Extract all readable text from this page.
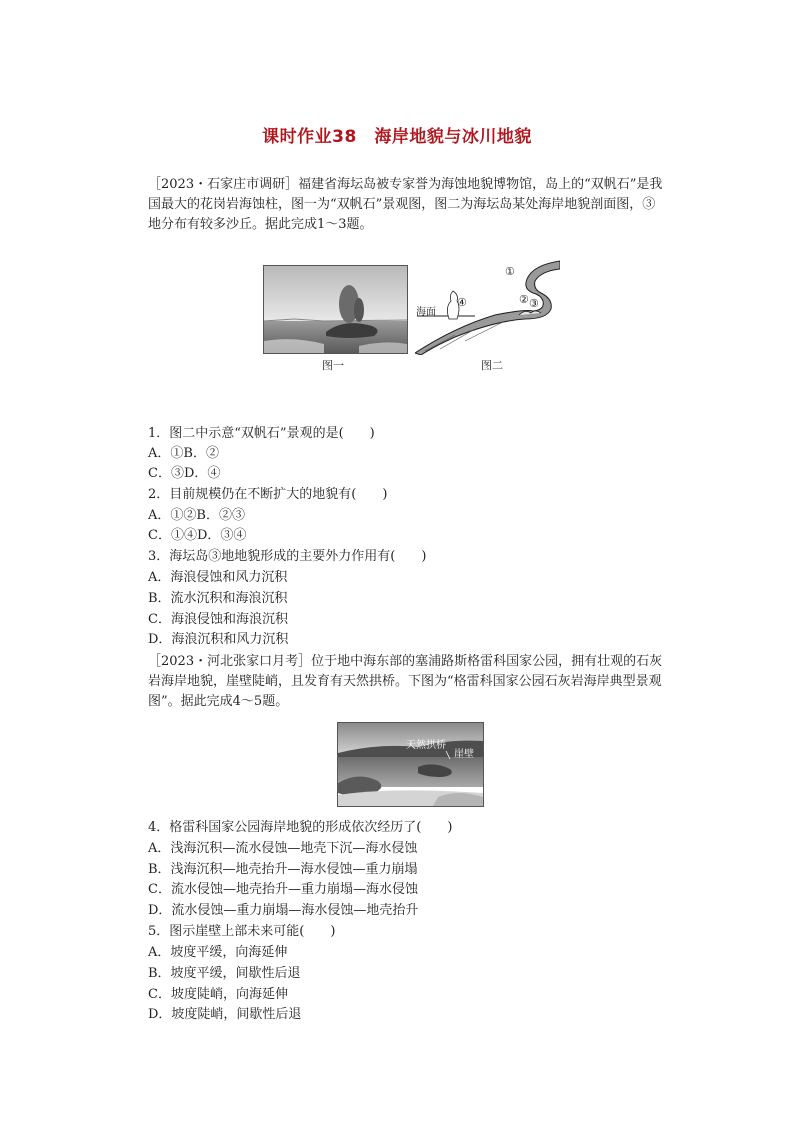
课时作业38　海岸地貌与冰川地貌
［2023・石家庄市调研］福建省海坛岛被专家誉为海蚀地貌博物馆，岛上的“双帆石”是我国最大的花岗岩海蚀柱，图一为“双帆石”景观图，图二为海坛岛某处海岸地貌剖面图，③地分布有较多沙丘。据此完成1～3题。
海面
①
② ③
④
图一	图二
1．图二中示意“双帆石”景观的是(　　)
A．①B．②
C．③D．④
2．目前规模仍在不断扩大的地貌有(　　)
A．①②B．②③
C．①④D．③④
3．海坛岛③地地貌形成的主要外力作用有(　　)
A．海浪侵蚀和风力沉积
B．流水沉积和海浪沉积
C．海浪侵蚀和海浪沉积
D．海浪沉积和风力沉积
［2023・河北张家口月考］位于地中海东部的塞浦路斯格雷科国家公园，拥有壮观的石灰岩海岸地貌，崖壁陡峭，且发育有天然拱桥。下图为“格雷科国家公园石灰岩海岸典型景观图”。据此完成4～5题。
天然拱桥
崖壁
4．格雷科国家公园海岸地貌的形成依次经历了(　　)
A．浅海沉积—流水侵蚀—地壳下沉—海水侵蚀
B．浅海沉积—地壳抬升—海水侵蚀—重力崩塌
C．流水侵蚀—地壳抬升—重力崩塌—海水侵蚀
D．流水侵蚀—重力崩塌—海水侵蚀—地壳抬升
5．图示崖壁上部未来可能(　　)
A．坡度平缓，向海延伸
B．坡度平缓，间歇性后退
C．坡度陡峭，向海延伸
D．坡度陡峭，间歇性后退
